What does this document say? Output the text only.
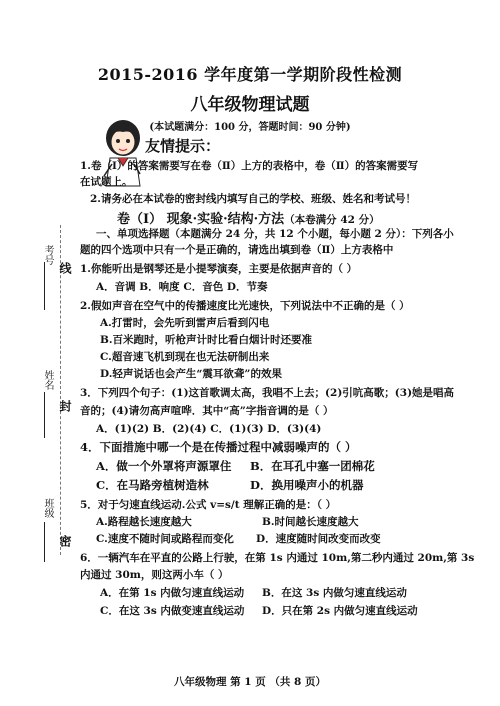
2015-2016 学年度第一学期阶段性检测
八年级物理试题
(本试题满分：100 分，答题时间：90 分钟)
友情提示：
1.卷（Ⅰ）的答案需要写在卷（Ⅱ）上方的表格中，卷（Ⅱ）的答案需要写
在试题上。
2.请务必在本试卷的密封线内填写自己的学校、班级、姓名和考试号！
卷（Ⅰ） 现象·实验·结构·方法（本卷满分 42 分）
一、单项选择题（本题满分 24 分，共 12 个小题，每小题 2 分）：下列各小
题的四个选项中只有一个是正确的，请选出填到卷（Ⅱ）上方表格中
考号
线
姓名
封
班级
密
1.你能听出是钢琴还是小提琴演奏，主要是依据声音的（ ）
A．音调 B．响度 C．音色 D．节奏
2.假如声音在空气中的传播速度比光速快，下列说法中不正确的是（ ）
A.打雷时，会先听到雷声后看到闪电
B.百米跑时，听枪声计时比看白烟计时还要准
C.超音速飞机到现在也无法研制出来
D.轻声说话也会产生“震耳欲聋”的效果
3．下列四个句子：(1)这首歌调太高，我唱不上去；(2)引吭高歌；(3)她是唱高
音的；(4)请勿高声喧哗．其中“高”字指音调的是（ ）
A．(1)(2) B．(2)(4) C．(1)(3) D．(3)(4)
4．下面措施中哪一个是在传播过程中减弱噪声的（ ）
A．做一个外罩将声源罩住 B．在耳孔中塞一团棉花
C．在马路旁植树造林	D．换用噪声小的机器
5．对于匀速直线运动.公式 v=s/t 理解正确的是：（ ）
A.路程越长速度越大	B.时间越长速度越大
C.速度不随时间或路程而变化 D．速度随时间改变而改变
6．一辆汽车在平直的公路上行驶，在第 1s 内通过 10m,第二秒内通过 20m,第 3s
内通过 30m，则这两小车（ ）
A．在第 1s 内做匀速直线运动 B．在这 3s 内做匀速直线运动
C．在这 3s 内做变速直线运动 D．只在第 2s 内做匀速直线运动
八年级物理 第 1 页 （共 8 页）
